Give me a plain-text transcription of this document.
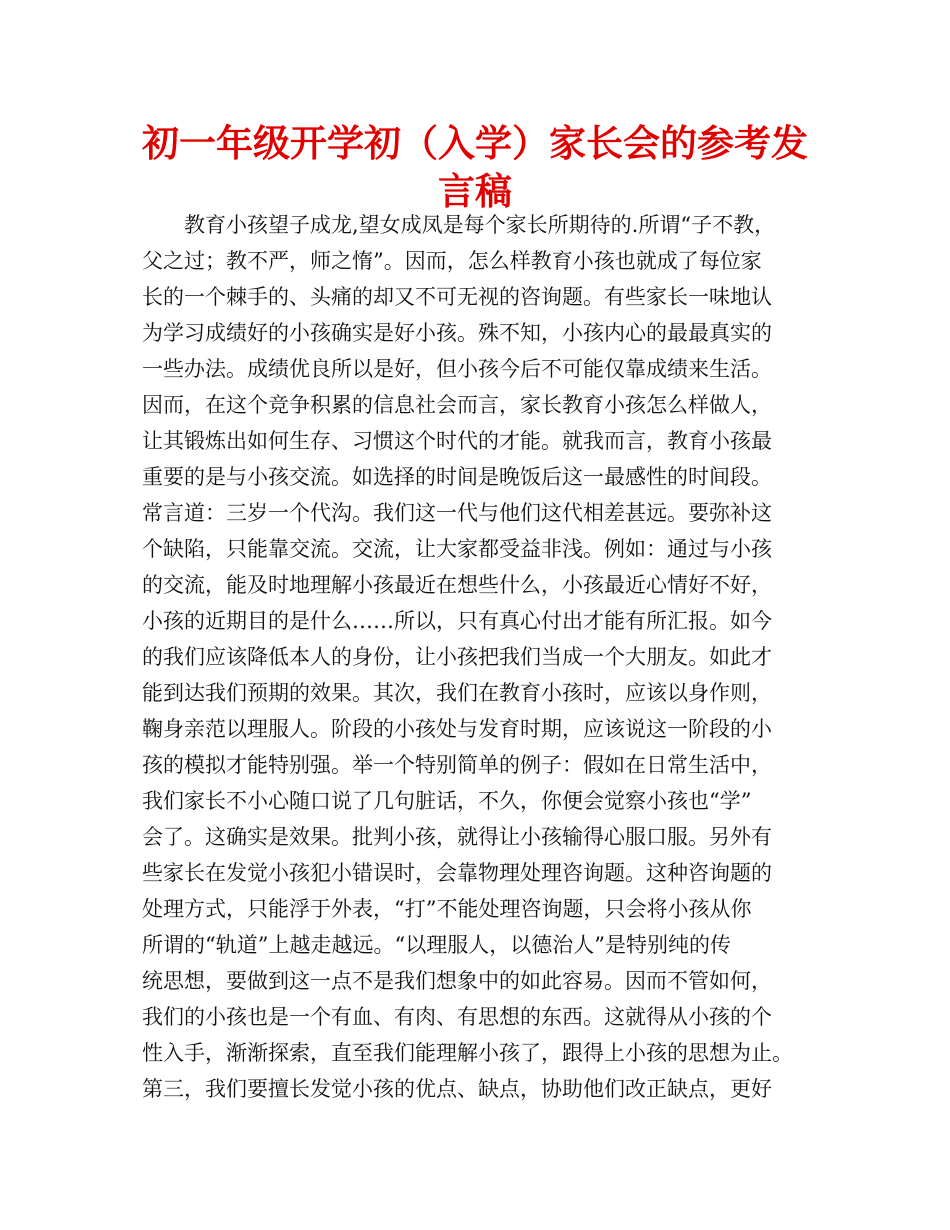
初一年级开学初（入学）家长会的参考发
言稿
教育小孩望子成龙,望女成凤是每个家长所期待的.所谓“子不教，
父之过；教不严，师之惰”。因而，怎么样教育小孩也就成了每位家
长的一个棘手的、头痛的却又不可无视的咨询题。有些家长一味地认
为学习成绩好的小孩确实是好小孩。殊不知，小孩内心的最最真实的
一些办法。成绩优良所以是好，但小孩今后不可能仅靠成绩来生活。
因而，在这个竞争积累的信息社会而言，家长教育小孩怎么样做人，
让其锻炼出如何生存、习惯这个时代的才能。就我而言，教育小孩最
重要的是与小孩交流。如选择的时间是晚饭后这一最感性的时间段。
常言道：三岁一个代沟。我们这一代与他们这代相差甚远。要弥补这
个缺陷，只能靠交流。交流，让大家都受益非浅。例如：通过与小孩
的交流，能及时地理解小孩最近在想些什么，小孩最近心情好不好，
小孩的近期目的是什么……所以，只有真心付出才能有所汇报。如今
的我们应该降低本人的身份，让小孩把我们当成一个大朋友。如此才
能到达我们预期的效果。其次，我们在教育小孩时，应该以身作则，
鞠身亲范以理服人。阶段的小孩处与发育时期，应该说这一阶段的小
孩的模拟才能特别强。举一个特别简单的例子：假如在日常生活中，
我们家长不小心随口说了几句脏话，不久，你便会觉察小孩也“学”
会了。这确实是效果。批判小孩，就得让小孩输得心服口服。另外有
些家长在发觉小孩犯小错误时，会靠物理处理咨询题。这种咨询题的
处理方式，只能浮于外表，“打”不能处理咨询题，只会将小孩从你
所谓的“轨道”上越走越远。“以理服人，以德治人”是特别纯的传
统思想，要做到这一点不是我们想象中的如此容易。因而不管如何，
我们的小孩也是一个有血、有肉、有思想的东西。这就得从小孩的个
性入手，渐渐探索，直至我们能理解小孩了，跟得上小孩的思想为止。
第三，我们要擅长发觉小孩的优点、缺点，协助他们改正缺点，更好
